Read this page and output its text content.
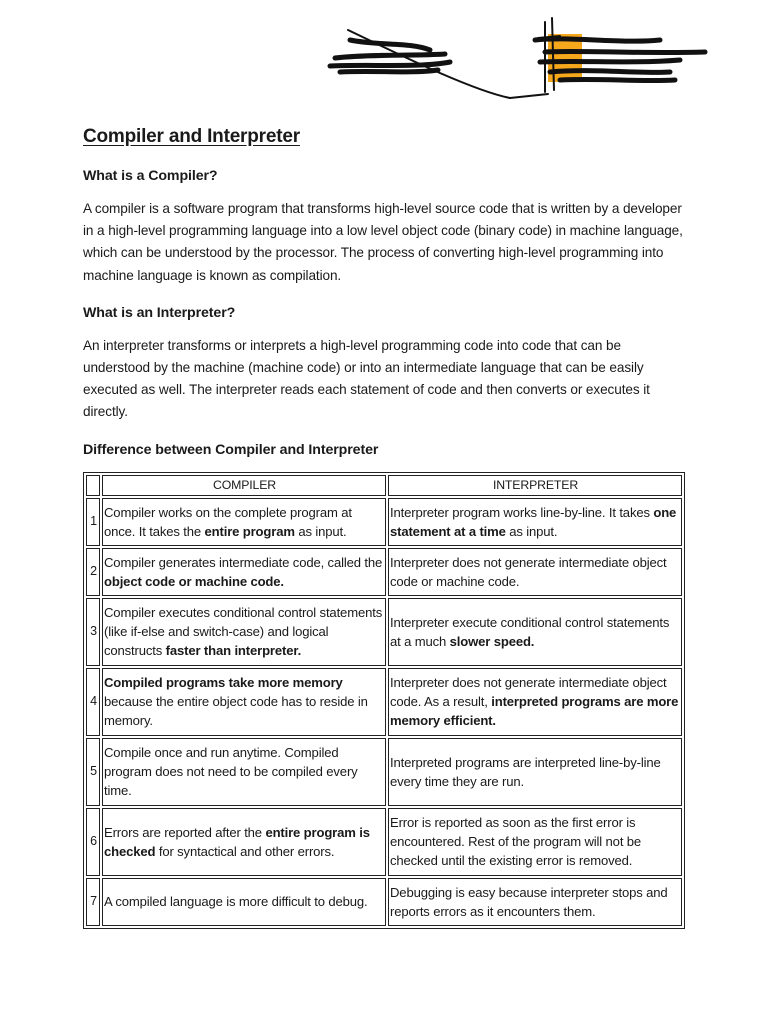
Compiler and Interpreter
What is a Compiler?

A compiler is a software program that transforms high-level source code that is written by a developer in a high-level programming language into a low level object code (binary code) in machine language, which can be understood by the processor. The process of converting high-level programming into machine language is known as compilation.

What is an Interpreter?

An interpreter transforms or interprets a high-level programming code into code that can be understood by the machine (machine code) or into an intermediate language that can be easily executed as well. The interpreter reads each statement of code and then converts or executes it directly.

Difference between Compiler and Interpreter
	COMPILER	INTERPRETER
1	Compiler works on the complete program at once. It takes the entire program as input.	Interpreter program works line-by-line. It takes one statement at a time as input.
2	Compiler generates intermediate code, called the object code or machine code.	Interpreter does not generate intermediate object code or machine code.
3	Compiler executes conditional control statements (like if-else and switch-case) and logical constructs faster than interpreter.	Interpreter execute conditional control statements at a much slower speed.
4	Compiled programs take more memory because the entire object code has to reside in memory.	Interpreter does not generate intermediate object code. As a result, interpreted programs are more memory efficient.
5	Compile once and run anytime. Compiled program does not need to be compiled every time.	Interpreted programs are interpreted line-by-line every time they are run.
6	Errors are reported after the entire program is checked for syntactical and other errors.	Error is reported as soon as the first error is encountered. Rest of the program will not be checked until the existing error is removed.
7	A compiled language is more difficult to debug.	Debugging is easy because interpreter stops and reports errors as it encounters them.
